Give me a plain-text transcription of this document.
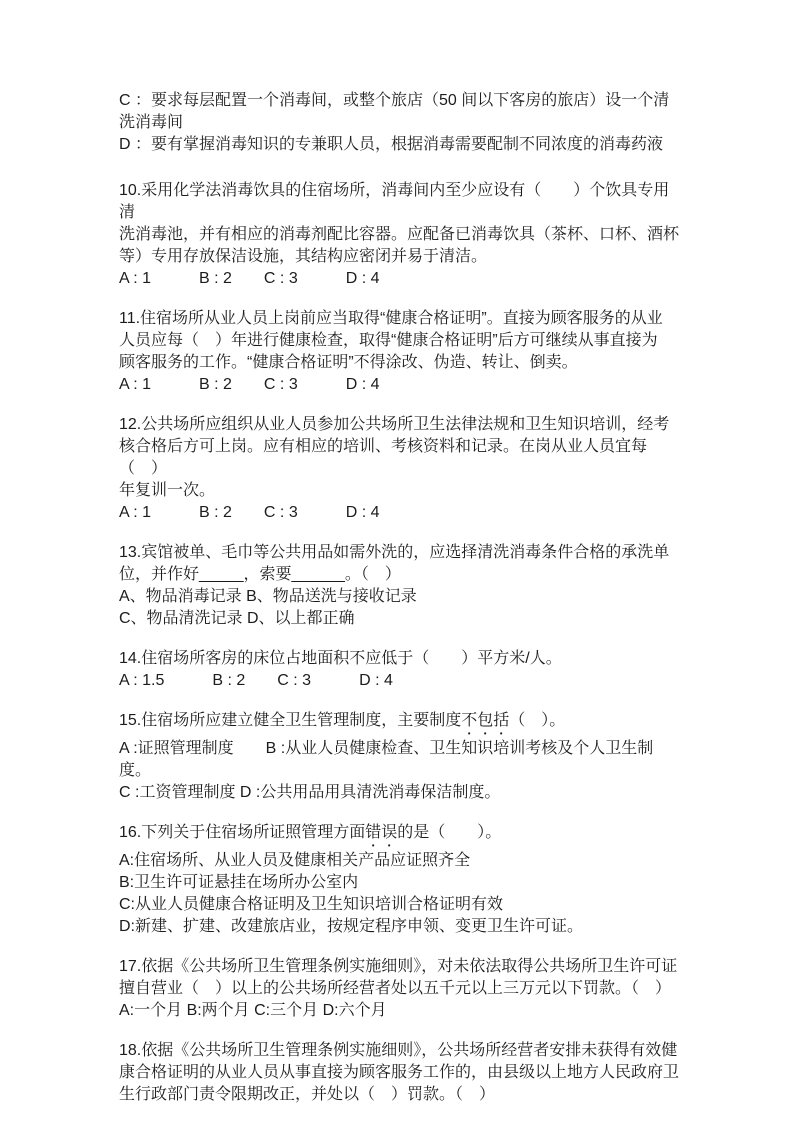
C ：要求每层配置一个消毒间，或整个旅店（50 间以下客房的旅店）设一个清
洗消毒间
D ：要有掌握消毒知识的专兼职人员，根据消毒需要配制不同浓度的消毒药液
10.采用化学法消毒饮具的住宿场所，消毒间内至少应设有（　　）个饮具专用清
洗消毒池，并有相应的消毒剂配比容器。应配备已消毒饮具（茶杯、口杯、酒杯
等）专用存放保洁设施，其结构应密闭并易于清洁。
A : 1　　　B : 2　　C : 3　　　D : 4
11.住宿场所从业人员上岗前应当取得“健康合格证明”。直接为顾客服务的从业
人员应每（　）年进行健康检查，取得“健康合格证明”后方可继续从事直接为
顾客服务的工作。“健康合格证明”不得涂改、伪造、转让、倒卖。
A : 1　　　B : 2　　C : 3　　　D : 4
12.公共场所应组织从业人员参加公共场所卫生法律法规和卫生知识培训，经考
核合格后方可上岗。应有相应的培训、考核资料和记录。在岗从业人员宜每（　）
年复训一次。
A : 1　　　B : 2　　C : 3　　　D : 4
13.宾馆被单、毛巾等公共用品如需外洗的，应选择清洗消毒条件合格的承洗单
位，并作好_____，索要______。（　）
A、物品消毒记录 B、物品送洗与接收记录
C、物品清洗记录 D、以上都正确
14.住宿场所客房的床位占地面积不应低于（　　）平方米/人。
A : 1.5　　　B : 2　　C : 3　　　D : 4
15.住宿场所应建立健全卫生管理制度，主要制度不包括（　）。
A :证照管理制度　　B :从业人员健康检查、卫生知识培训考核及个人卫生制度。
C :工资管理制度 D :公共用品用具清洗消毒保洁制度。
16.下列关于住宿场所证照管理方面错误的是（　　）。
A:住宿场所、从业人员及健康相关产品应证照齐全
B:卫生许可证悬挂在场所办公室内
C:从业人员健康合格证明及卫生知识培训合格证明有效
D:新建、扩建、改建旅店业，按规定程序申领、变更卫生许可证。
17.依据《公共场所卫生管理条例实施细则》，对未依法取得公共场所卫生许可证
擅自营业（　）以上的公共场所经营者处以五千元以上三万元以下罚款。（　）
A:一个月 B:两个月 C:三个月 D:六个月
18.依据《公共场所卫生管理条例实施细则》，公共场所经营者安排未获得有效健
康合格证明的从业人员从事直接为顾客服务工作的，由县级以上地方人民政府卫
生行政部门责令限期改正，并处以（　）罚款。（　）
